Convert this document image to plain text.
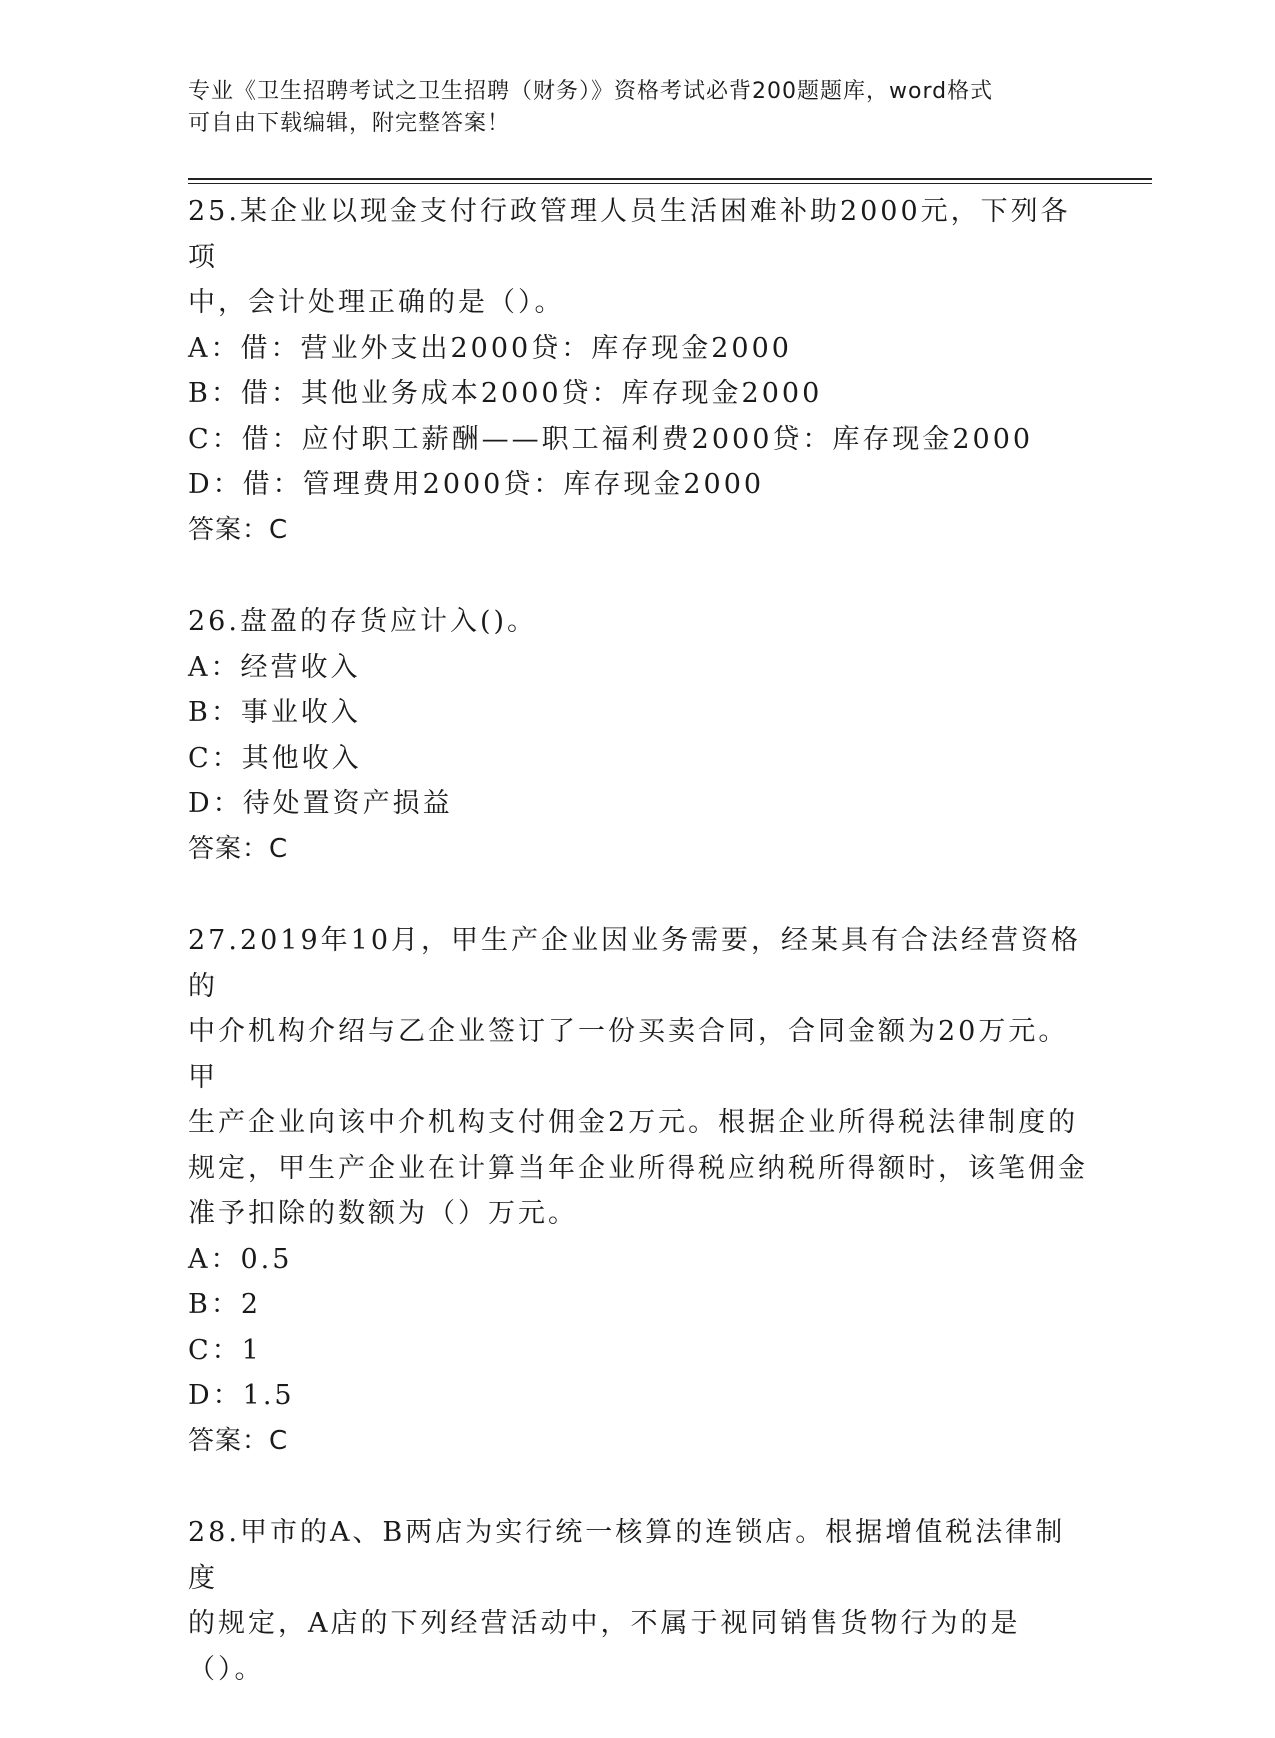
专业《卫生招聘考试之卫生招聘（财务）》资格考试必背200题题库，word格式
可自由下载编辑，附完整答案！

25.某企业以现金支付行政管理人员生活困难补助2000元，下列各项

中，会计处理正确的是（）。

A：借：营业外支出2000贷：库存现金2000

B：借：其他业务成本2000贷：库存现金2000

C：借：应付职工薪酬——职工福利费2000贷：库存现金2000

D：借：管理费用2000贷：库存现金2000

答案：C

26.盘盈的存货应计入()。

A：经营收入

B：事业收入

C：其他收入

D：待处置资产损益

答案：C

27.2019年10月，甲生产企业因业务需要，经某具有合法经营资格的

中介机构介绍与乙企业签订了一份买卖合同，合同金额为20万元。甲

生产企业向该中介机构支付佣金2万元。根据企业所得税法律制度的

规定，甲生产企业在计算当年企业所得税应纳税所得额时，该笔佣金

准予扣除的数额为（）万元。

A：0.5

B：2

C：1

D：1.5

答案：C

28.甲市的A、B两店为实行统一核算的连锁店。根据增值税法律制度

的规定，A店的下列经营活动中，不属于视同销售货物行为的是（）。
